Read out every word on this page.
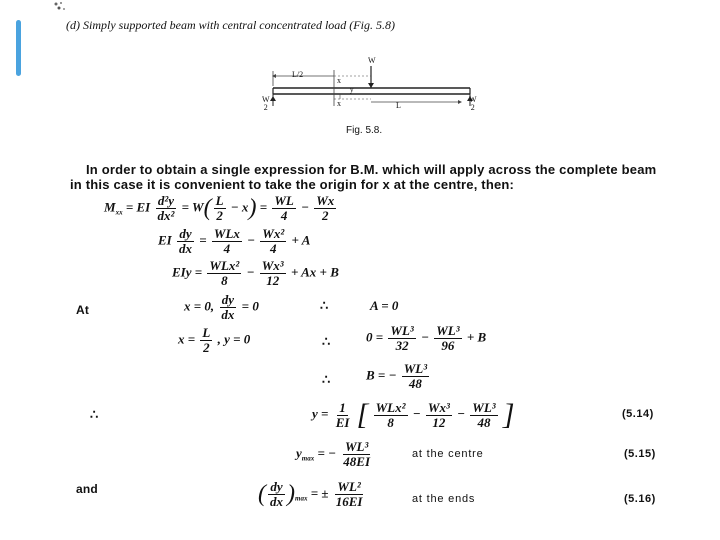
(d) Simply supported beam with central concentrated load (Fig. 5.8)
W
L/2
x
x
y
L
W
2
W
2
Fig. 5.8.
In order to obtain a single expression for B.M. which will apply across the complete beam
in this case it is convenient to take the origin for x at the centre, then:
$M_{xx}$ = EI $\frac{\text{d²y}}{\text{dx²}} = W( \frac{L}{2} - x) = \frac{WL}{4} - \frac{Wx}{2}$
EI $\frac{dy}{dx} = \frac{\text{WLx}}{4} - \frac{\text{Wx²}}{4} + A$
EIy = $\frac{\text{WLx²}}{8} - \frac{\text{Wx³}}{12} + Ax + B$
At	x = 0, $\frac{dy}{dx} = 0$	∴	A = 0
$x = \frac{L}{2}$ , y = 0	∴	$0 = \frac{\text{WL³}}{32} - \frac{\text{WL³}}{96} + B$
∴	B = − $\frac{\text{WL³}}{48}$
∴	$y = \frac{1}{EI}$ [ $\frac{\text{WLx²}}{8} - \frac{\text{Wx³}}{12} - \frac{\text{WL³}}{48}$ ]	(5.14)
$y_{max}$ = − $\frac{\text{WL³}}{48EI}$	at the centre	(5.15)
and	( $\frac{dy}{dx} )_{max}$ = ± $\frac{\text{WL²}}{16EI}$	at the ends	(5.16)
